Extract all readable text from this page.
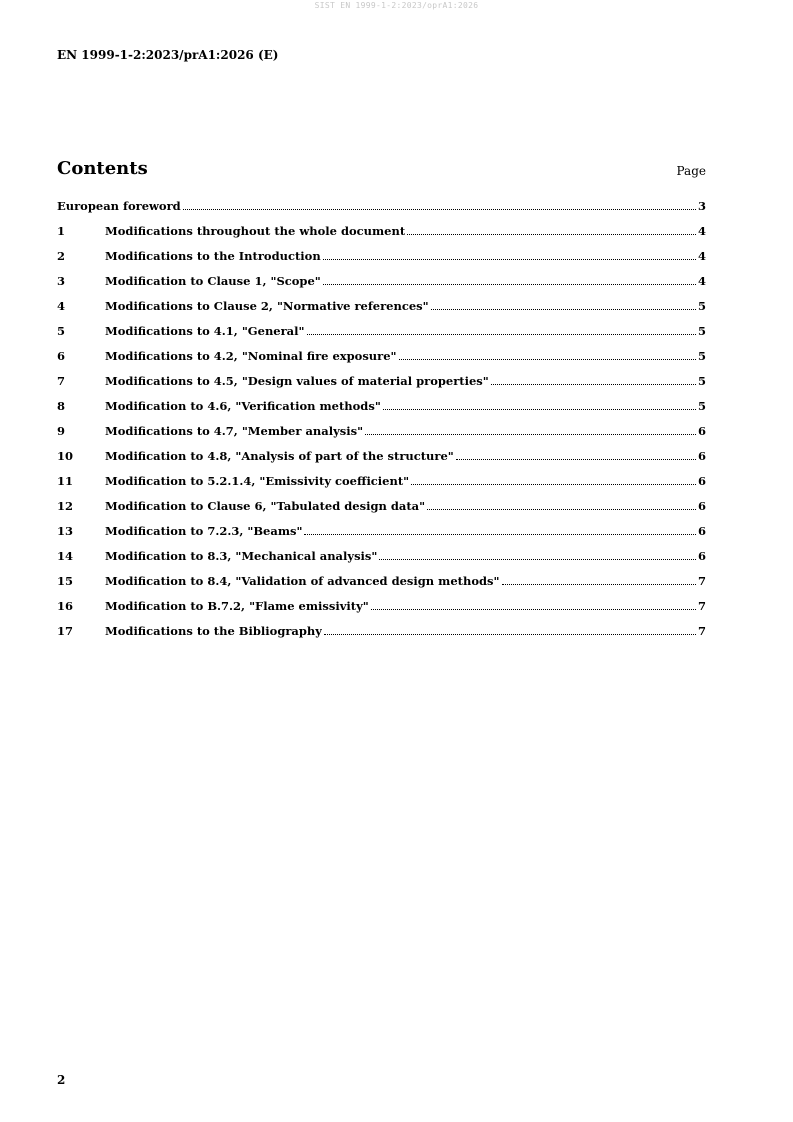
SIST EN 1999-1-2:2023/oprA1:2026
EN 1999-1-2:2023/prA1:2026 (E)
Contents	Page
European foreword	3
1	Modifications throughout the whole document	4
2	Modifications to the Introduction	4
3	Modification to Clause 1, "Scope"	4
4	Modifications to Clause 2, "Normative references"	5
5	Modifications to 4.1, "General"	5
6	Modifications to 4.2, "Nominal fire exposure"	5
7	Modifications to 4.5, "Design values of material properties"	5
8	Modification to 4.6, "Verification methods"	5
9	Modifications to 4.7, "Member analysis"	6
10	Modification to 4.8, "Analysis of part of the structure"	6
11	Modification to 5.2.1.4, "Emissivity coefficient"	6
12	Modification to Clause 6, "Tabulated design data"	6
13	Modification to 7.2.3, "Beams"	6
14	Modification to 8.3, "Mechanical analysis"	6
15	Modification to 8.4, "Validation of advanced design methods"	7
16	Modification to B.7.2, "Flame emissivity"	7
17	Modifications to the Bibliography	7
2
